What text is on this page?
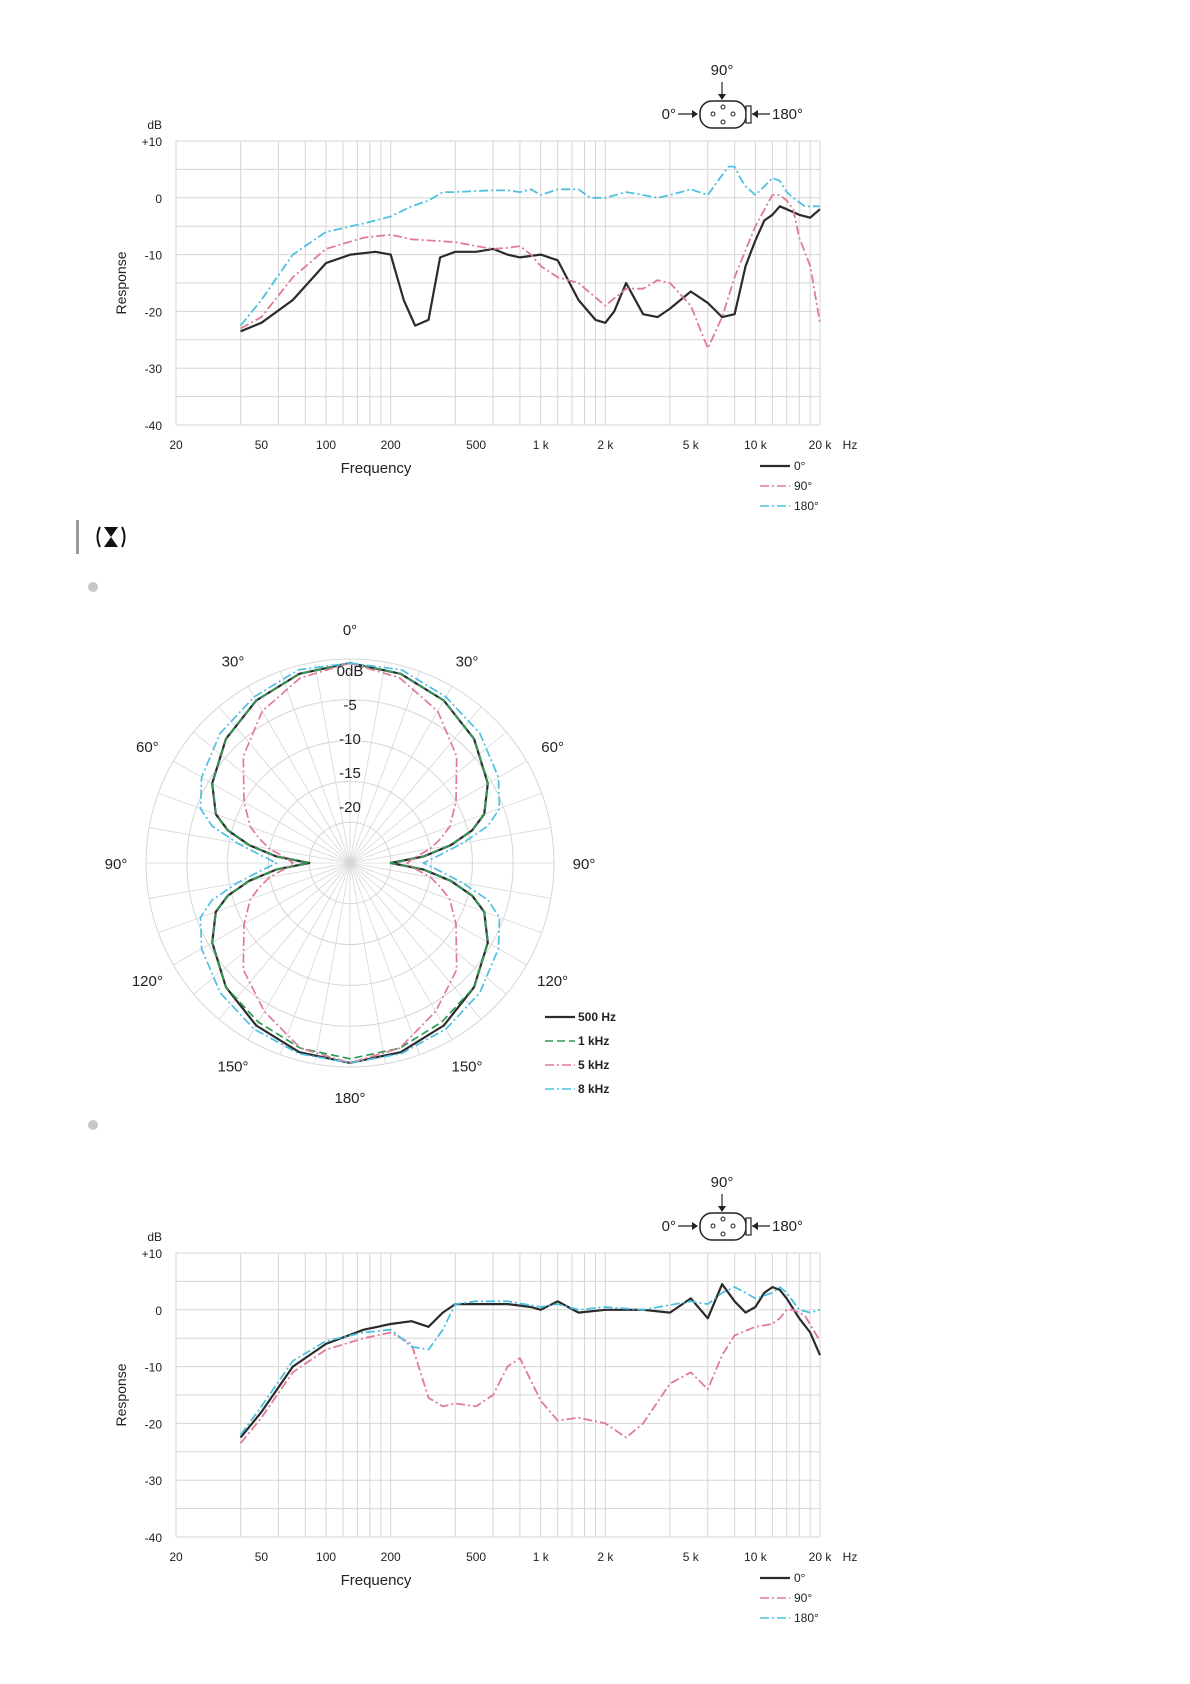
20	50	100	200	500	1 k	2 k	5 k	10 k	20 k Hz
+10
0
-10
-20
-30
-40
dB
Frequency
Response
0°
90°
180°
90°
0°	180°
0°
30°	30°
60°	60°
90°	90°
120°	120°
150°	150°
180°
0dB
-5
-10
-15
-20
500 Hz
1 kHz
5 kHz
8 kHz
20	50	100	200	500	1 k	2 k	5 k	10 k	20 k Hz
+10
0
-10
-20
-30
-40
dB
Frequency
Response
0°
90°
180°
90°
0°	180°
